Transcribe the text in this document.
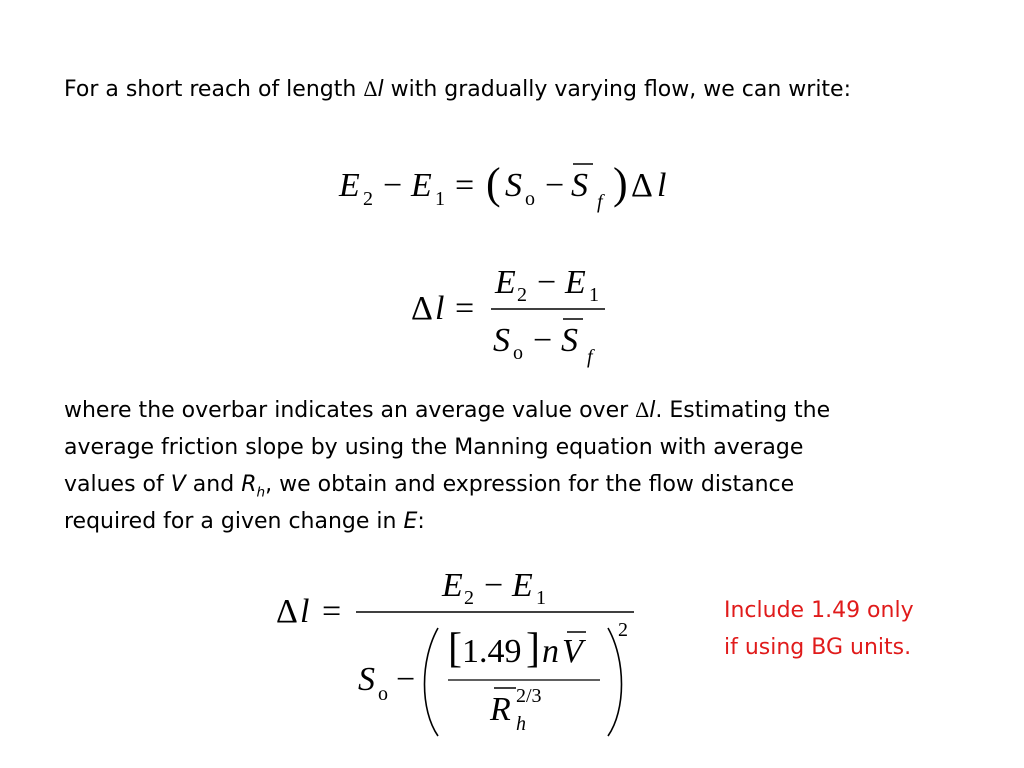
For a short reach of length Δl with gradually varying flow, we can write:
E 2 − E 1 = ( S o − S f ) Δ l
Δ l =
E 2 − E 1
S o − S f
where the overbar indicates an average value over Δl. Estimating the
average friction slope by using the Manning equation with average
values of V and $R_h$, we obtain and expression for the flow distance
required for a given change in E:
Δ l =
E 2 − E 1
S o −
2
[ 1.49 ] n V
R 2/3
h
Include 1.49 only
if using BG units.
